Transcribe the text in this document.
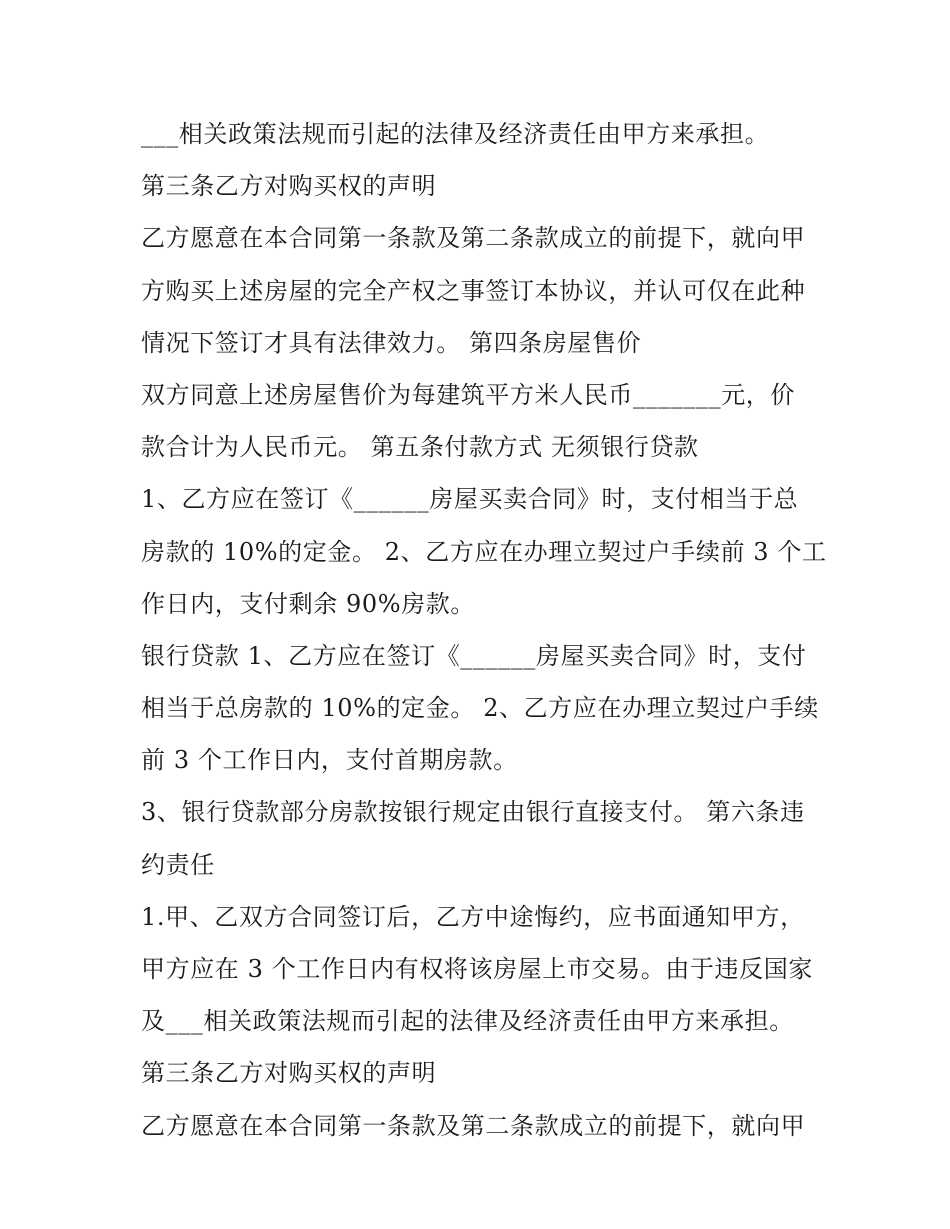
___相关政策法规而引起的法律及经济责任由甲方来承担。
第三条乙方对购买权的声明
乙方愿意在本合同第一条款及第二条款成立的前提下，就向甲
方购买上述房屋的完全产权之事签订本协议，并认可仅在此种
情况下签订才具有法律效力。 第四条房屋售价
双方同意上述房屋售价为每建筑平方米人民币_______元，价
款合计为人民币元。 第五条付款方式 无须银行贷款
1、乙方应在签订《______房屋买卖合同》时，支付相当于总
房款的 10%的定金。 2、乙方应在办理立契过户手续前 3 个工
作日内，支付剩余 90%房款。
银行贷款 1、乙方应在签订《______房屋买卖合同》时，支付
相当于总房款的 10%的定金。 2、乙方应在办理立契过户手续
前 3 个工作日内，支付首期房款。
3、银行贷款部分房款按银行规定由银行直接支付。 第六条违
约责任
1.甲、乙双方合同签订后，乙方中途悔约，应书面通知甲方，
甲方应在 3 个工作日内有权将该房屋上市交易。由于违反国家
及___相关政策法规而引起的法律及经济责任由甲方来承担。
第三条乙方对购买权的声明
乙方愿意在本合同第一条款及第二条款成立的前提下，就向甲
